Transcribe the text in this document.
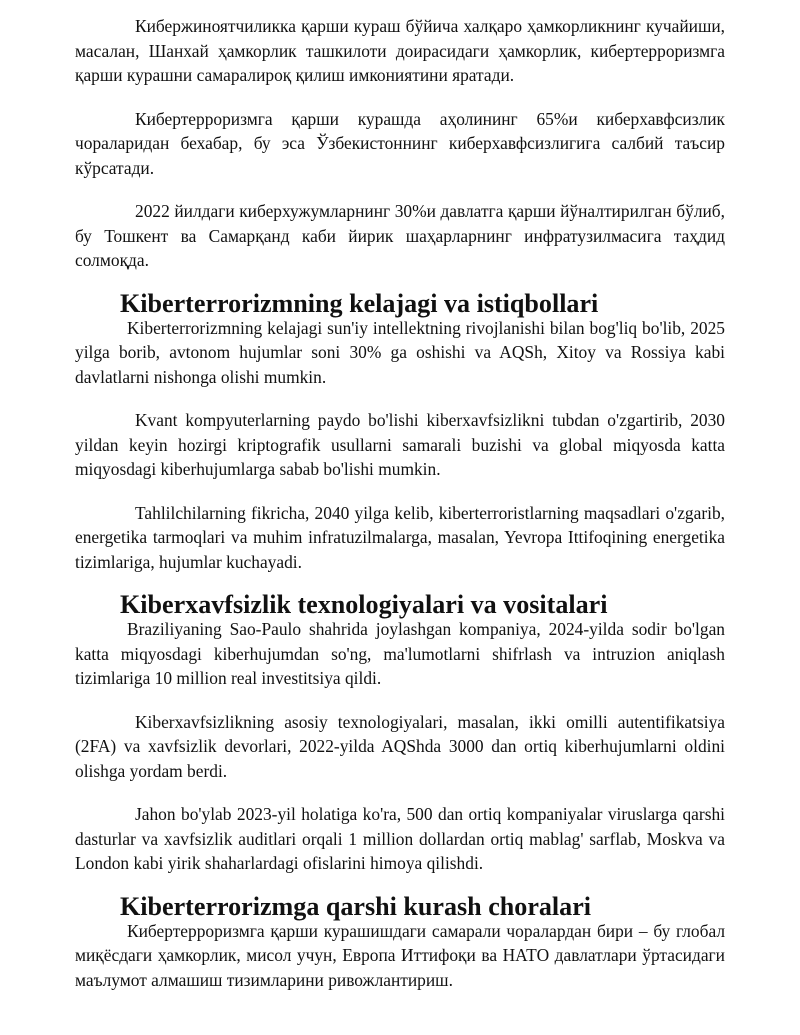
Кибержиноятчиликка қарши кураш бўйича халқаро ҳамкорликнинг кучайиши, масалан, Шанхай ҳамкорлик ташкилоти доирасидаги ҳамкорлик, кибертерроризмга қарши курашни самаралироқ қилиш имкониятини яратади.

Кибертерроризмга қарши курашда аҳолининг 65%и киберхавфсизлик чораларидан бехабар, бу эса Ўзбекистоннинг киберхавфсизлигига салбий таъсир кўрсатади.

2022 йилдаги киберхужумларнинг 30%и давлатга қарши йўналтирилган бўлиб, бу Тошкент ва Самарқанд каби йирик шаҳарларнинг инфратузилмасига таҳдид солмоқда.

Kiberterrorizmning kelajagi va istiqbollari

Kiberterrorizmning kelajagi sun'iy intellektning rivojlanishi bilan bog'liq bo'lib, 2025 yilga borib, avtonom hujumlar soni 30% ga oshishi va AQSh, Xitoy va Rossiya kabi davlatlarni nishonga olishi mumkin.

Kvant kompyuterlarning paydo bo'lishi kiberxavfsizlikni tubdan o'zgartirib, 2030 yildan keyin hozirgi kriptografik usullarni samarali buzishi va global miqyosda katta miqyosdagi kiberhujumlarga sabab bo'lishi mumkin.

Tahlilchilarning fikricha, 2040 yilga kelib, kiberterroristlarning maqsadlari o'zgarib, energetika tarmoqlari va muhim infratuzilmalarga, masalan, Yevropa Ittifoqining energetika tizimlariga, hujumlar kuchayadi.

Kiberxavfsizlik texnologiyalari va vositalari

Braziliyaning Sao-Paulo shahrida joylashgan kompaniya, 2024-yilda sodir bo'lgan katta miqyosdagi kiberhujumdan so'ng, ma'lumotlarni shifrlash va intruzion aniqlash tizimlariga 10 million real investitsiya qildi.

Kiberxavfsizlikning asosiy texnologiyalari, masalan, ikki omilli autentifikatsiya (2FA) va xavfsizlik devorlari, 2022-yilda AQShda 3000 dan ortiq kiberhujumlarni oldini olishga yordam berdi.

Jahon bo'ylab 2023-yil holatiga ko'ra, 500 dan ortiq kompaniyalar viruslarga qarshi dasturlar va xavfsizlik auditlari orqali 1 million dollardan ortiq mablag' sarflab, Moskva va London kabi yirik shaharlardagi ofislarini himoya qilishdi.

Kiberterrorizmga qarshi kurash choralari

Кибертерроризмга қарши курашишдаги самарали чоралардан бири – бу глобал миқёсдаги ҳамкорлик, мисол учун, Европа Иттифоқи ва НАТО давлатлари ўртасидаги маълумот алмашиш тизимларини ривожлантириш.
